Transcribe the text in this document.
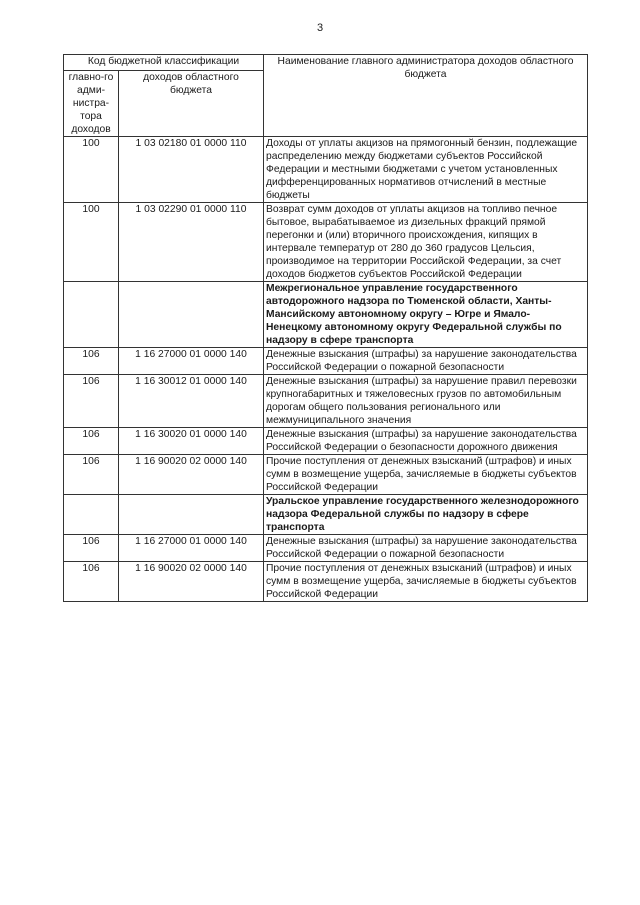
3
Код бюджетной классификации		Наименование главного администратора доходов областного бюджета
главно-го адми-нистра-тора доходов	доходов областного бюджета	
100	1 03 02180 01 0000 110	Доходы от уплаты акцизов на прямогонный бензин, подлежащие распределению между бюджетами субъектов Российской Федерации и местными бюджетами с учетом установленных дифференцированных нормативов отчислений в местные бюджеты
100	1 03 02290 01 0000 110	Возврат сумм доходов от уплаты акцизов на топливо печное бытовое, вырабатываемое из дизельных фракций прямой перегонки и (или) вторичного происхождения, кипящих в интервале температур от 280 до 360 градусов Цельсия, производимое на территории Российской Федерации, за счет доходов бюджетов субъектов Российской Федерации
		Межрегиональное управление государственного автодорожного надзора по Тюменской области, Ханты-Мансийскому автономному округу – Югре и Ямало-Ненецкому автономному округу Федеральной службы по надзору в сфере транспорта
106	1 16 27000 01 0000 140	Денежные взыскания (штрафы) за нарушение законодательства Российской Федерации о пожарной безопасности
106	1 16 30012 01 0000 140	Денежные взыскания (штрафы) за нарушение правил перевозки крупногабаритных и тяжеловесных грузов по автомобильным дорогам общего пользования регионального или межмуниципального значения
106	1 16 30020 01 0000 140	Денежные взыскания (штрафы) за нарушение законодательства Российской Федерации о безопасности дорожного движения
106	1 16 90020 02 0000 140	Прочие поступления от денежных взысканий (штрафов) и иных сумм в возмещение ущерба, зачисляемые в бюджеты субъектов Российской Федерации
		Уральское управление государственного железнодорожного надзора Федеральной службы по надзору в сфере транспорта
106	1 16 27000 01 0000 140	Денежные взыскания (штрафы) за нарушение законодательства Российской Федерации о пожарной безопасности
106	1 16 90020 02 0000 140	Прочие поступления от денежных взысканий (штрафов) и иных сумм в возмещение ущерба, зачисляемые в бюджеты субъектов Российской Федерации
